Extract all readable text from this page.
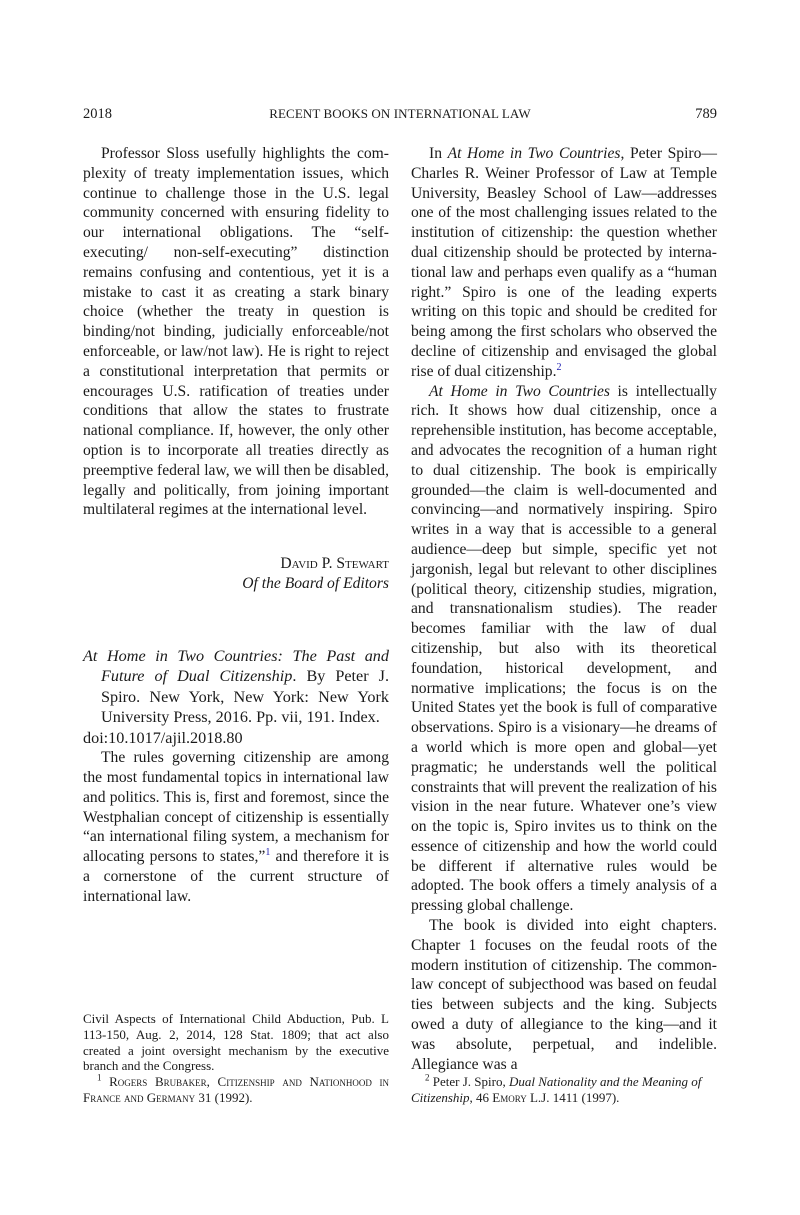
2018	RECENT BOOKS ON INTERNATIONAL LAW	789

Professor Sloss usefully highlights the complexity of treaty implementation issues, which continue to challenge those in the U.S. legal community concerned with ensuring fidelity to our international obligations. The “self-executing/ non-self-executing” distinction remains confusing and contentious, yet it is a mistake to cast it as creating a stark binary choice (whether the treaty in question is binding/not binding, judicially enforceable/not enforceable, or law/not law). He is right to reject a constitutional interpretation that permits or encourages U.S. ratification of treaties under conditions that allow the states to frustrate national compliance. If, however, the only other option is to incorporate all treaties directly as preemptive federal law, we will then be disabled, legally and politically, from joining important multilateral regimes at the international level.

David P. Stewart
Of the Board of Editors
At Home in Two Countries: The Past and Future of Dual Citizenship. By Peter J. Spiro. New York, New York: New York University Press, 2016. Pp. vii, 191. Index.
doi:10.1017/ajil.2018.80

The rules governing citizenship are among the most fundamental topics in international law and politics. This is, first and foremost, since the Westphalian concept of citizenship is essentially “an international filing system, a mechanism for allocating persons to states,”$^1$ and therefore it is a cornerstone of the current structure of international law.

In At Home in Two Countries, Peter Spiro—Charles R. Weiner Professor of Law at Temple University, Beasley School of Law—addresses one of the most challenging issues related to the institution of citizenship: the question whether dual citizenship should be protected by international law and perhaps even qualify as a “human right.” Spiro is one of the leading experts writing on this topic and should be credited for being among the first scholars who observed the decline of citizenship and envisaged the global rise of dual citizenship.$^2$

At Home in Two Countries is intellectually rich. It shows how dual citizenship, once a reprehensible institution, has become acceptable, and advocates the recognition of a human right to dual citizenship. The book is empirically grounded—the claim is well-documented and convincing—and normatively inspiring. Spiro writes in a way that is accessible to a general audience—deep but simple, specific yet not jargonish, legal but relevant to other disciplines (political theory, citizenship studies, migration, and transnationalism studies). The reader becomes familiar with the law of dual citizenship, but also with its theoretical foundation, historical development, and normative implications; the focus is on the United States yet the book is full of comparative observations. Spiro is a visionary—he dreams of a world which is more open and global—yet pragmatic; he understands well the political constraints that will prevent the realization of his vision in the near future. Whatever one’s view on the topic is, Spiro invites us to think on the essence of citizenship and how the world could be different if alternative rules would be adopted. The book offers a timely analysis of a pressing global challenge.

The book is divided into eight chapters. Chapter 1 focuses on the feudal roots of the modern institution of citizenship. The common-law concept of subjecthood was based on feudal ties between subjects and the king. Subjects owed a duty of allegiance to the king—and it was absolute, perpetual, and indelible. Allegiance was a

Civil Aspects of International Child Abduction, Pub. L 113-150, Aug. 2, 2014, 128 Stat. 1809; that act also created a joint oversight mechanism by the executive branch and the Congress.

$^1$ Rogers Brubaker, Citizenship and Nationhood in France and Germany 31 (1992).

$^2$ Peter J. Spiro, Dual Nationality and the Meaning of Citizenship, 46 Emory L.J. 1411 (1997).
